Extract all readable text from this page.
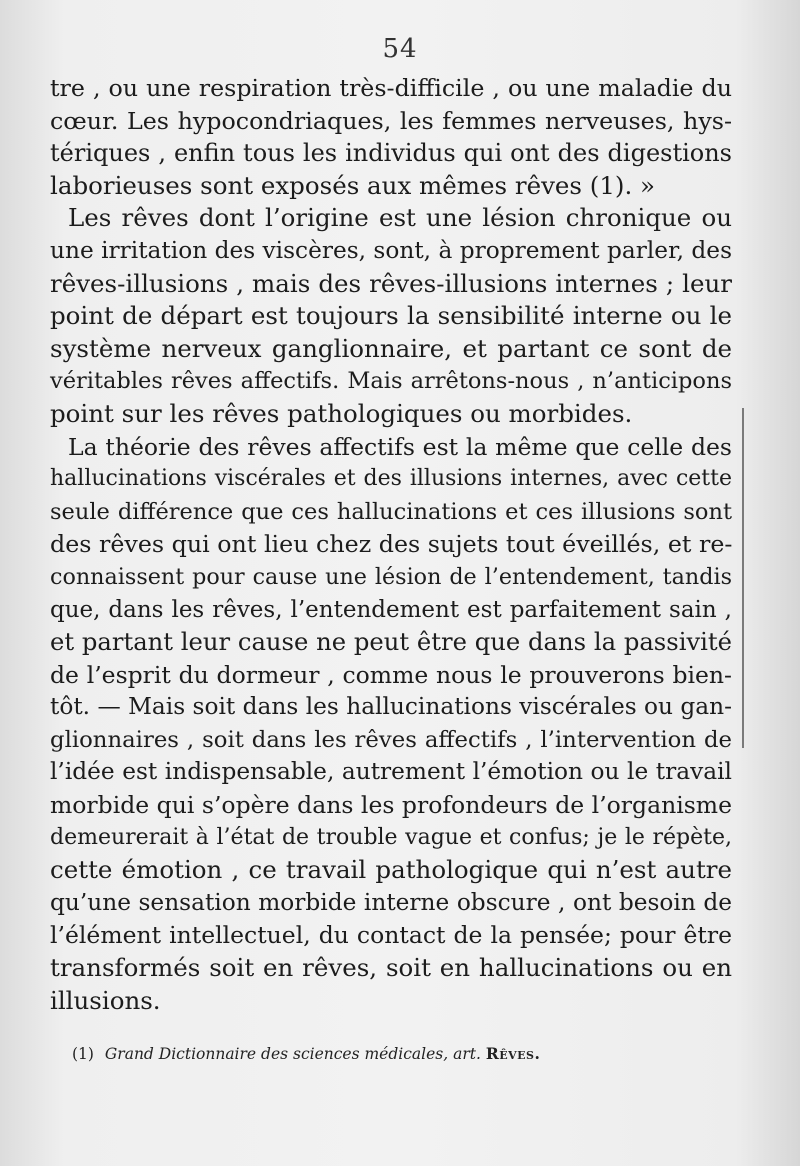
54
tre , ou une respiration très-difficile , ou une maladie du
cœur. Les hypocondriaques, les femmes nerveuses, hys-
tériques , enfin tous les individus qui ont des digestions
laborieuses sont exposés aux mêmes rêves (1). »
Les rêves dont l’origine est une lésion chronique ou
une irritation des viscères, sont, à proprement parler, des
rêves-illusions , mais des rêves-illusions internes ; leur
point de départ est toujours la sensibilité interne ou le
système nerveux ganglionnaire, et partant ce sont de
véritables rêves affectifs. Mais arrêtons-nous , n’anticipons
point sur les rêves pathologiques ou morbides.
La théorie des rêves affectifs est la même que celle des
hallucinations viscérales et des illusions internes, avec cette
seule différence que ces hallucinations et ces illusions sont
des rêves qui ont lieu chez des sujets tout éveillés, et re-
connaissent pour cause une lésion de l’entendement, tandis
que, dans les rêves, l’entendement est parfaitement sain ,
et partant leur cause ne peut être que dans la passivité
de l’esprit du dormeur , comme nous le prouverons bien-
tôt. — Mais soit dans les hallucinations viscérales ou gan-
glionnaires , soit dans les rêves affectifs , l’intervention de
l’idée est indispensable, autrement l’émotion ou le travail
morbide qui s’opère dans les profondeurs de l’organisme
demeurerait à l’état de trouble vague et confus; je le répète,
cette émotion , ce travail pathologique qui n’est autre
qu’une sensation morbide interne obscure , ont besoin de
l’élément intellectuel, du contact de la pensée; pour être
transformés soit en rêves, soit en hallucinations ou en
illusions.
(1) Grand Dictionnaire des sciences médicales, art. Rêves.
